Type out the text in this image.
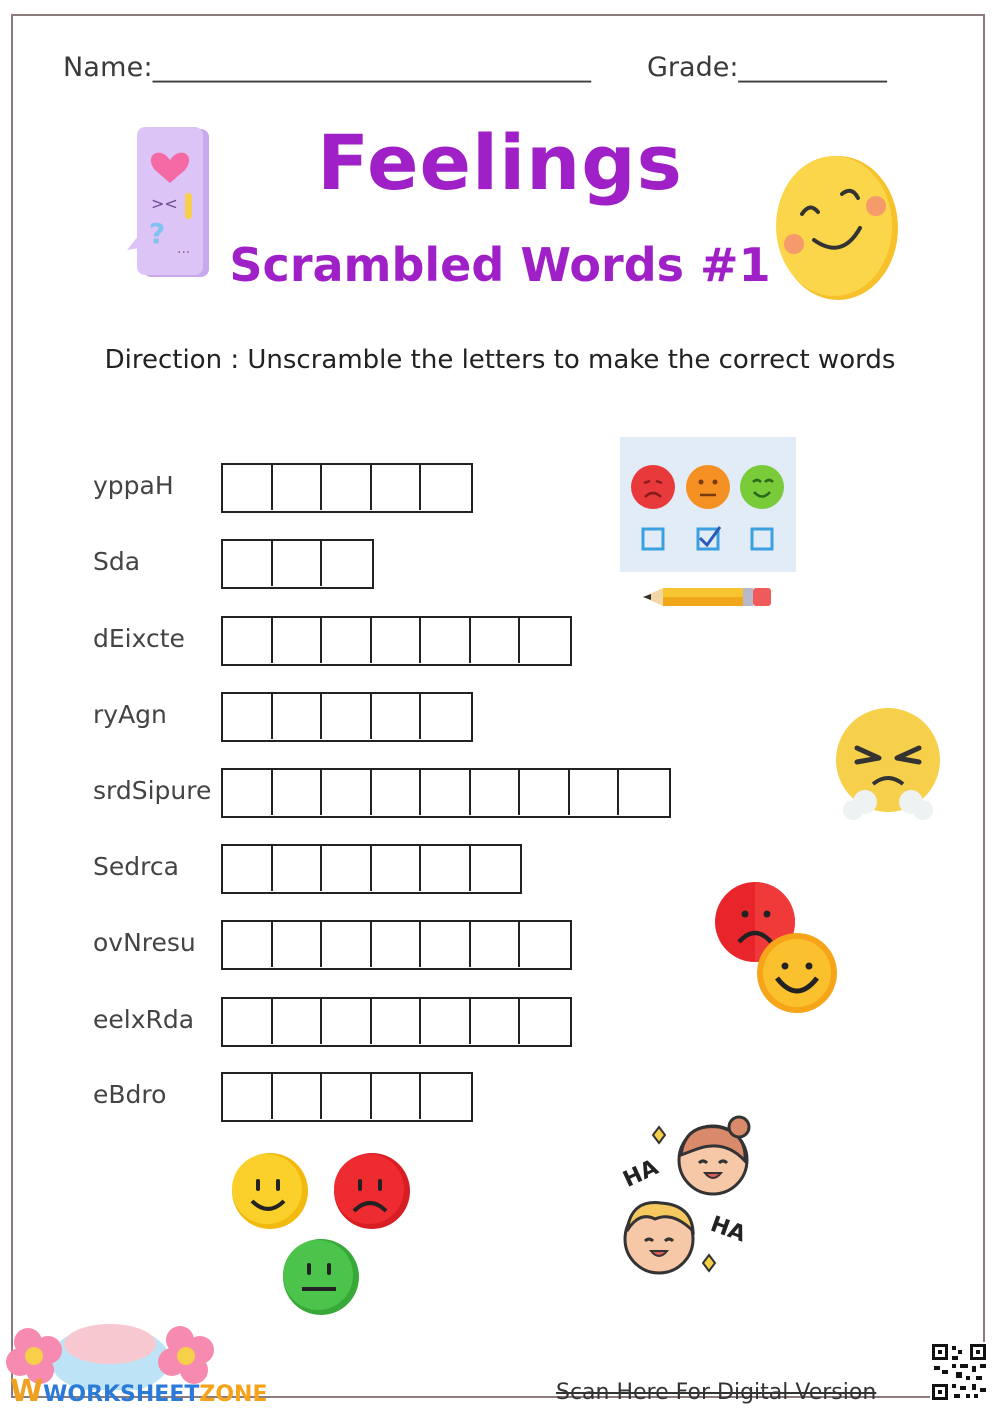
Name:________________________________ Grade:___________
><
? ...
Feelings
Scrambled Words #1
Direction : Unscramble the letters to make the correct words
yppaH
Sda
dEixcte
ryAgn
srdSipure
Sedrca
ovNresu
eelxRda
eBdro
HA
HA
WWORKSHEETZONE	Scan Here For Digital Version
